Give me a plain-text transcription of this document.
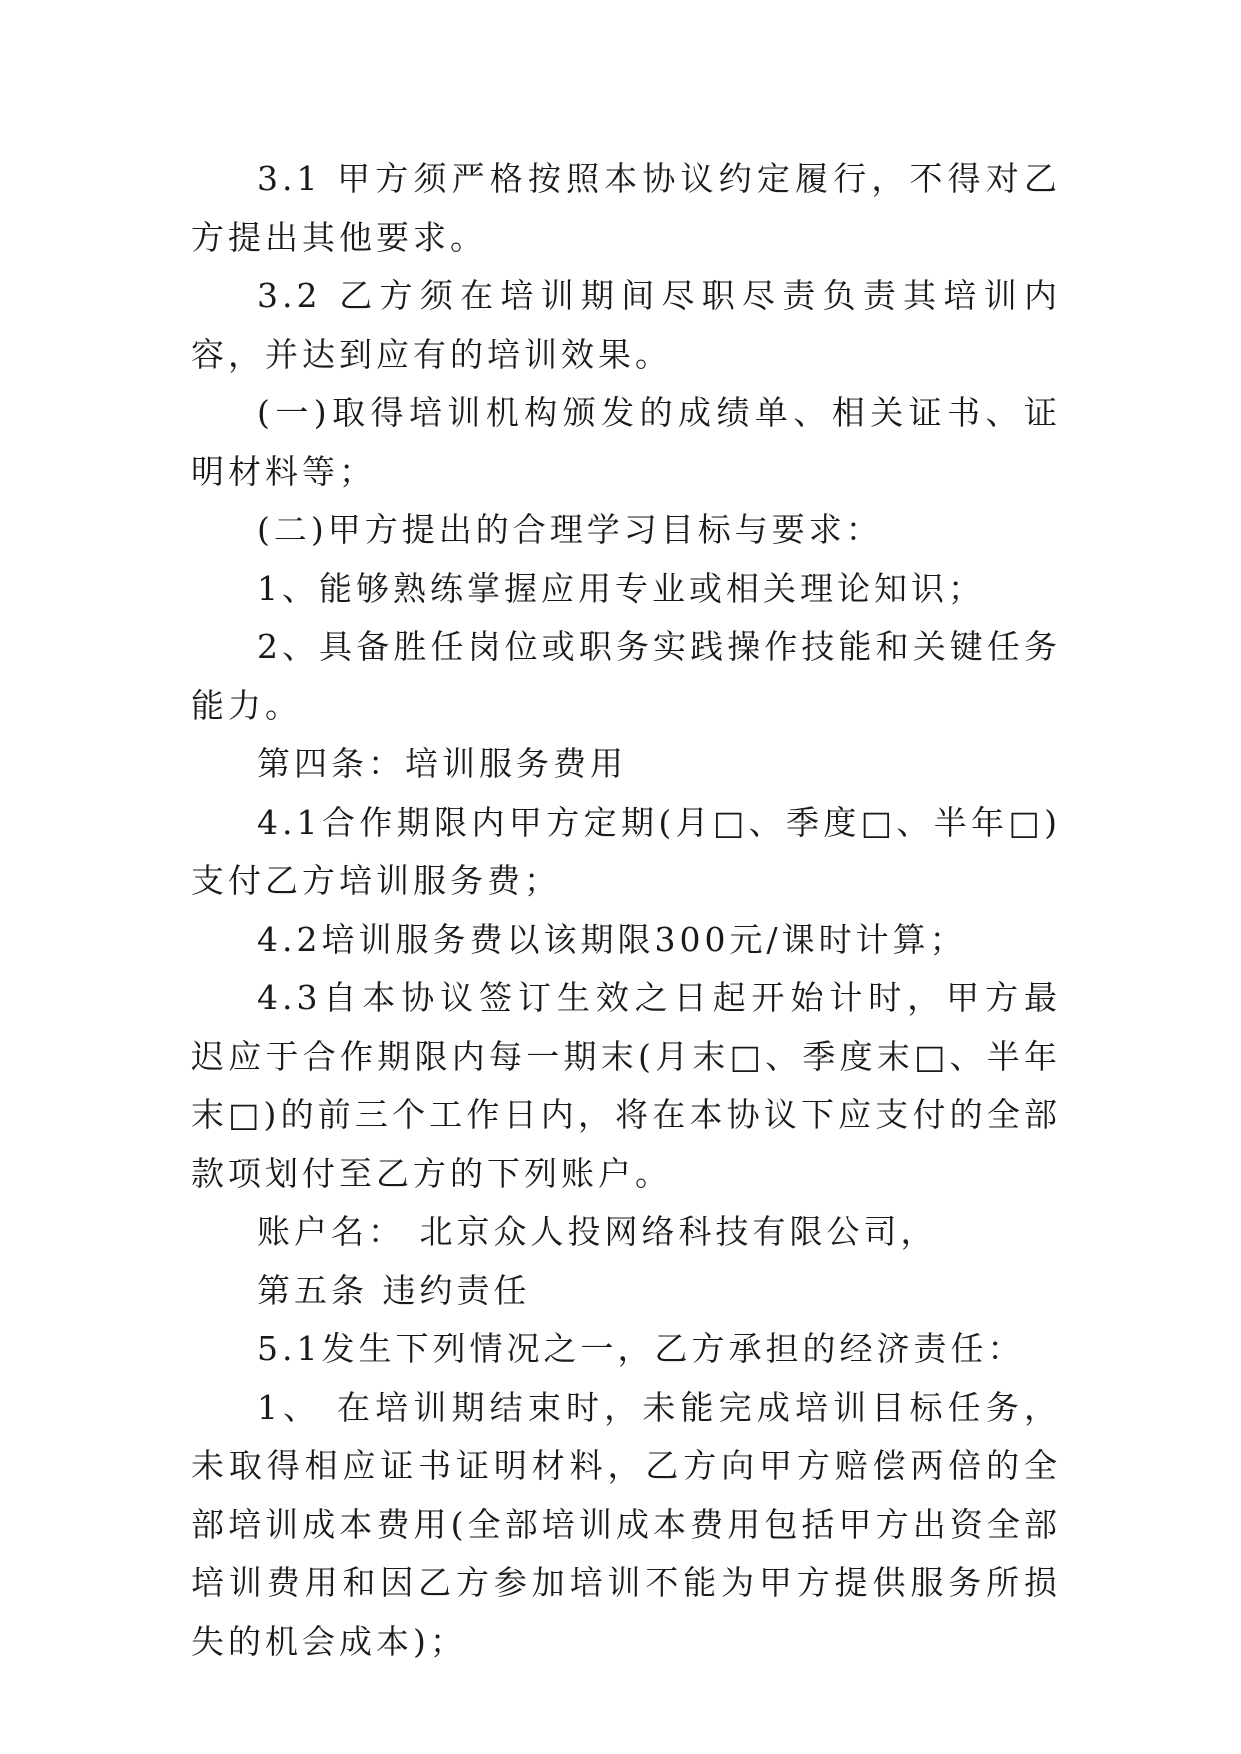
3.1 甲方须严格按照本协议约定履行，不得对乙方提出其他要求。

3.2 乙方须在培训期间尽职尽责负责其培训内容，并达到应有的培训效果。

(一)取得培训机构颁发的成绩单、相关证书、证明材料等；

(二)甲方提出的合理学习目标与要求：

1、能够熟练掌握应用专业或相关理论知识；

2、具备胜任岗位或职务实践操作技能和关键任务能力。

第四条：培训服务费用

4.1合作期限内甲方定期(月□、季度□、半年□)支付乙方培训服务费；

4.2培训服务费以该期限300元/课时计算；

4.3自本协议签订生效之日起开始计时，甲方最迟应于合作期限内每一期末(月末□、季度末□、半年末□)的前三个工作日内，将在本协议下应支付的全部款项划付至乙方的下列账户。

账户名： 北京众人投网络科技有限公司，

第五条 违约责任

5.1发生下列情况之一，乙方承担的经济责任：

1、 在培训期结束时，未能完成培训目标任务，未取得相应证书证明材料，乙方向甲方赔偿两倍的全部培训成本费用(全部培训成本费用包括甲方出资全部培训费用和因乙方参加培训不能为甲方提供服务所损失的机会成本)；
